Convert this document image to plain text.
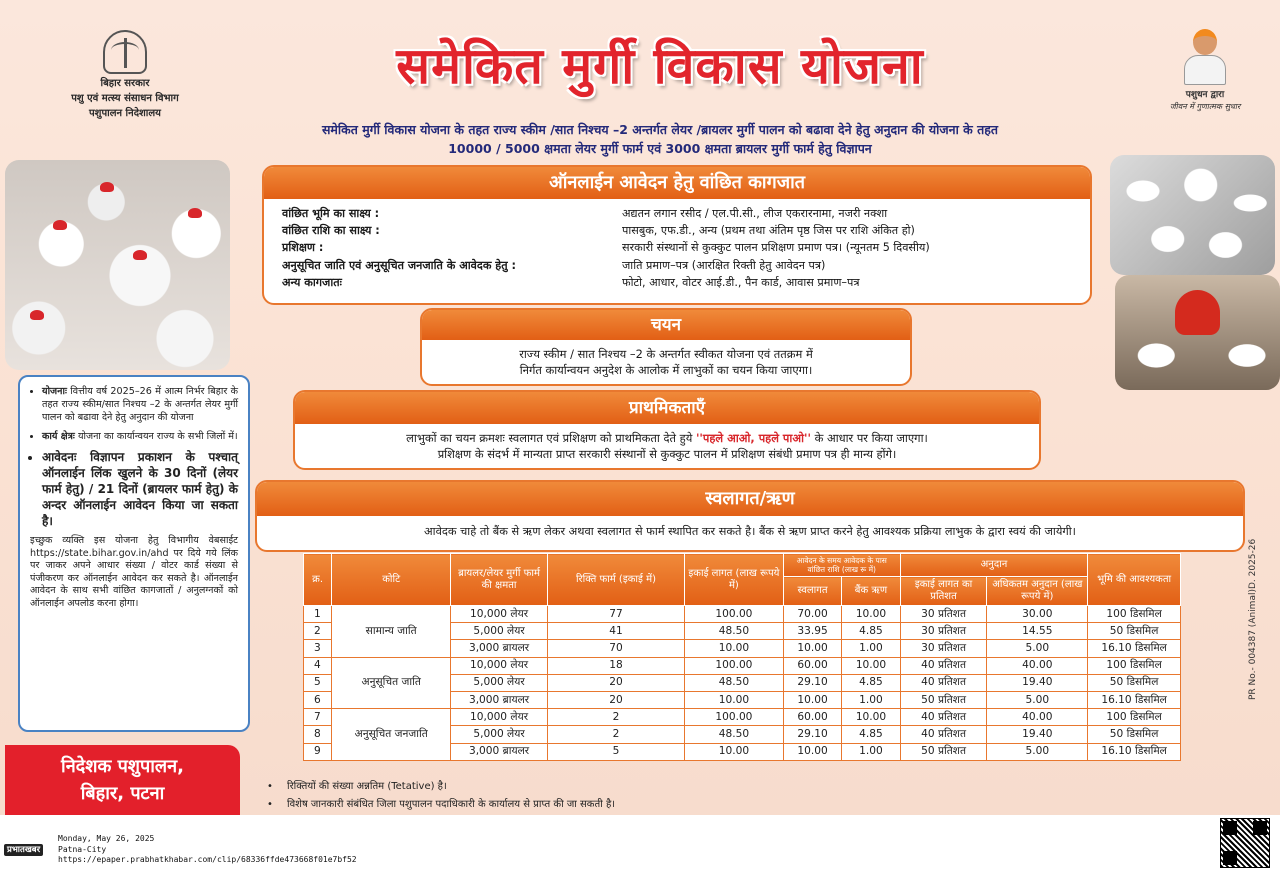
बिहार सरकार
पशु एवं मत्स्य संसाधन विभाग
पशुपालन निदेशालय
समेकित मुर्गी विकास योजना
समेकित मुर्गी विकास योजना के तहत राज्य स्कीम /सात निश्चय –2 अन्तर्गत लेयर /ब्रायलर मुर्गी पालन को बढावा देने हेतु अनुदान की योजना के तहत
10000 / 5000 क्षमता लेयर मुर्गी फार्म एवं 3000 क्षमता ब्रायलर मुर्गी फार्म हेतु विज्ञापन
पशुधन द्वारा
जीवन में गुणात्मक सुधार
• योजनाः वित्तीय वर्ष 2025–26 में आत्म निर्भर बिहार के तहत राज्य स्कीम/सात निश्चय –2 के अन्तर्गत लेयर मुर्गी पालन को बढावा देने हेतु अनुदान की योजना
• कार्य क्षेत्रः योजना का कार्यान्वयन राज्य के सभी जिलों में।
• आवेदनः विज्ञापन प्रकाशन के पश्चात् ऑनलाईन लिंक खुलने के 30 दिनों (लेयर फार्म हेतु) / 21 दिनों (ब्रायलर फार्म हेतु) के अन्दर ऑनलाईन आवेदन किया जा सकता है।
इच्छुक व्यक्ति इस योजना हेतु विभागीय वेबसाईट https://state.bihar.gov.in/ahd पर दिये गये लिंक पर जाकर अपने आधार संख्या / वोटर कार्ड संख्या से पंजीकरण कर ऑनलाईन आवेदन कर सकते है। ऑनलाईन आवेदन के साथ सभी वांछित कागजातों / अनुलग्नकों को ऑनलाईन अपलोड करना होगा।
निदेशक पशुपालन,
बिहार, पटना
ऑनलाईन आवेदन हेतु वांछित कागजात
वांछित भूमि का साक्ष्य :	अद्यतन लगान रसीद / एल.पी.सी., लीज एकरारनामा, नजरी नक्शा
वांछित राशि का साक्ष्य :	पासबुक, एफ.डी., अन्य (प्रथम तथा अंतिम पृष्ठ जिस पर राशि अंकित हो)
प्रशिक्षण :	सरकारी संस्थानों से कुक्कुट पालन प्रशिक्षण प्रमाण पत्र। (न्यूनतम 5 दिवसीय)
अनुसूचित जाति एवं अनुसूचित जनजाति के आवेदक हेतु :	जाति प्रमाण–पत्र (आरक्षित रिक्ती हेतु आवेदन पत्र)
अन्य कागजातः	फोटो, आधार, वोटर आई.डी., पैन कार्ड, आवास प्रमाण–पत्र
चयन
राज्य स्कीम / सात निश्चय –2 के अन्तर्गत स्वीकत योजना एवं ततक्रम में
निर्गत कार्यान्वयन अनुदेश के आलोक में लाभुकों का चयन किया जाएगा।
प्राथमिकताएँ
लाभुकों का चयन क्रमशः स्वलागत एवं प्रशिक्षण को प्राथमिकता देते हुये ''पहले आओ, पहले पाओ'' के आधार पर किया जाएगा।
प्रशिक्षण के संदर्भ में मान्यता प्राप्त सरकारी संस्थानों से कुक्कुट पालन में प्रशिक्षण संबंधी प्रमाण पत्र ही मान्य होंगे।
स्वलागत/ऋण
आवेदक चाहे तो बैंक से ऋण लेकर अथवा स्वलागत से फार्म स्थापित कर सकते है। बैंक से ऋण प्राप्त करने हेतु आवश्यक प्रक्रिया लाभुक के द्वारा स्वयं की जायेगी।
क्र.	कोटि	ब्रायलर/लेयर मुर्गी फार्म की क्षमता	रिक्ति फार्म (इकाई में)	इकाई लागत (लाख रूपये में)	आवेदन के समय आवेदक के पास वांछित राशि (लाख रू में)		अनुदान		भूमि की आवश्यकता
					स्वलागत	बैंक ऋण	इकाई लागत का प्रतिशत	अधिकतम अनुदान (लाख रूपये में)	
1	सामान्य जाति	10,000 लेयर	77	100.00	70.00	10.00	30 प्रतिशत	30.00	100 डिसमिल
2		5,000 लेयर	41	48.50	33.95	4.85	30 प्रतिशत	14.55	50 डिसमिल
3		3,000 ब्रायलर	70	10.00	10.00	1.00	30 प्रतिशत	5.00	16.10 डिसमिल
4	अनुसूचित जाति	10,000 लेयर	18	100.00	60.00	10.00	40 प्रतिशत	40.00	100 डिसमिल
5		5,000 लेयर	20	48.50	29.10	4.85	40 प्रतिशत	19.40	50 डिसमिल
6		3,000 ब्रायलर	20	10.00	10.00	1.00	50 प्रतिशत	5.00	16.10 डिसमिल
7	अनुसूचित जनजाति	10,000 लेयर	2	100.00	60.00	10.00	40 प्रतिशत	40.00	100 डिसमिल
8		5,000 लेयर	2	48.50	29.10	4.85	40 प्रतिशत	19.40	50 डिसमिल
9		3,000 ब्रायलर	5	10.00	10.00	1.00	50 प्रतिशत	5.00	16.10 डिसमिल
• रिक्तियों की संख्या अन्नतिम (Tetative) है।
• विशेष जानकारी संबंधित जिला पशुपालन पदाधिकारी के कार्यालय से प्राप्त की जा सकती है।
PR No.- 004387 (Animal)D. 2025-26
प्रभातखबर
Monday, May 26, 2025
Patna-City
https://epaper.prabhatkhabar.com/clip/68336ffde473668f01e7bf52
